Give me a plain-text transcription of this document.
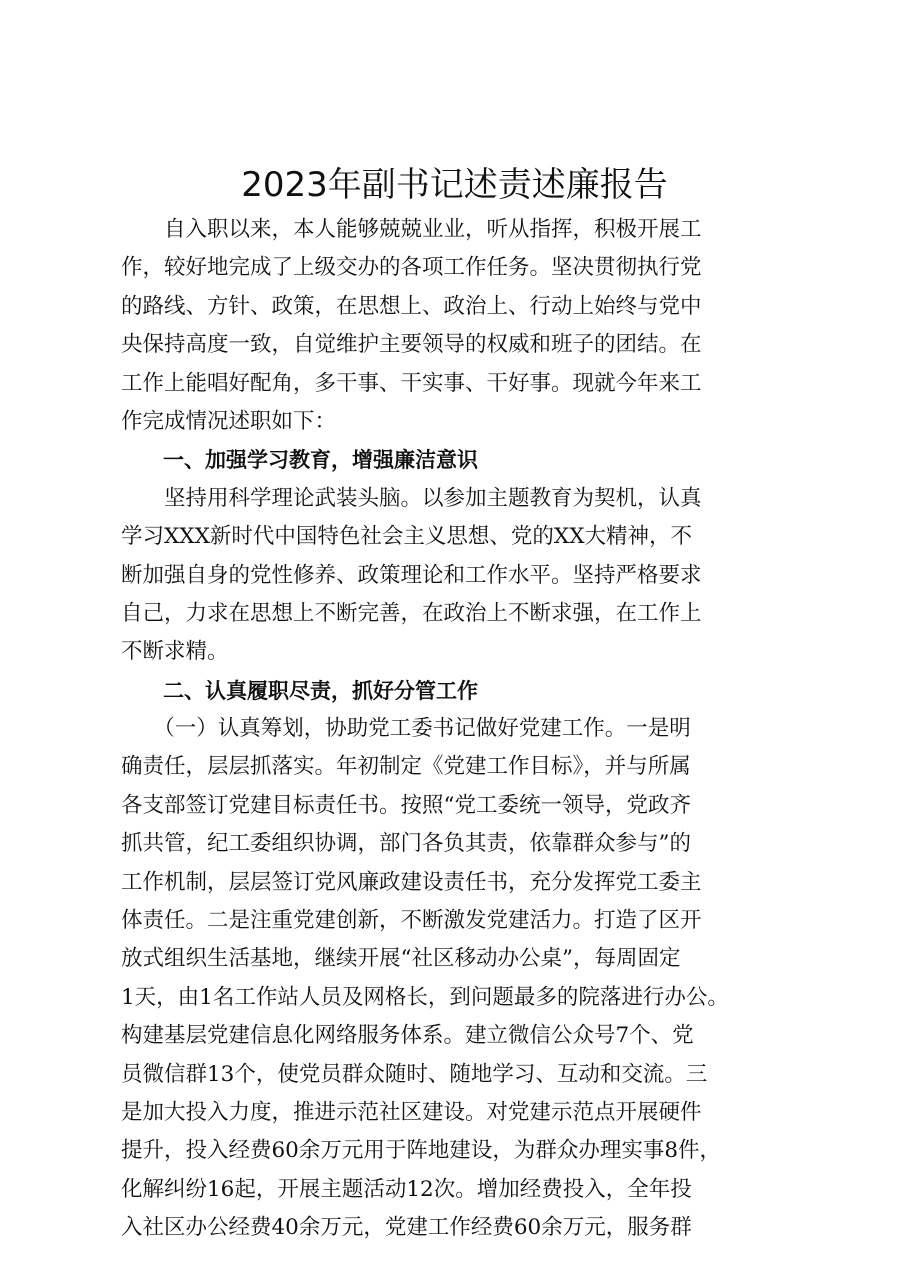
2023年副书记述责述廉报告
　　自入职以来，本人能够兢兢业业，听从指挥，积极开展工
作，较好地完成了上级交办的各项工作任务。坚决贯彻执行党
的路线、方针、政策，在思想上、政治上、行动上始终与党中
央保持高度一致，自觉维护主要领导的权威和班子的团结。在
工作上能唱好配角，多干事、干实事、干好事。现就今年来工
作完成情况述职如下：
　　一、加强学习教育，增强廉洁意识
　　坚持用科学理论武装头脑。以参加主题教育为契机，认真
学习XXX新时代中国特色社会主义思想、党的XX大精神，不
断加强自身的党性修养、政策理论和工作水平。坚持严格要求
自己，力求在思想上不断完善，在政治上不断求强，在工作上
不断求精。
　　二、认真履职尽责，抓好分管工作
　　（一）认真筹划，协助党工委书记做好党建工作。一是明
确责任，层层抓落实。年初制定《党建工作目标》，并与所属
各支部签订党建目标责任书。按照“党工委统一领导，党政齐
抓共管，纪工委组织协调，部门各负其责，依靠群众参与”的
工作机制，层层签订党风廉政建设责任书，充分发挥党工委主
体责任。二是注重党建创新，不断激发党建活力。打造了区开
放式组织生活基地，继续开展“社区移动办公桌”，每周固定
1天，由1名工作站人员及网格长，到问题最多的院落进行办公。
构建基层党建信息化网络服务体系。建立微信公众号7个、党
员微信群13个，使党员群众随时、随地学习、互动和交流。三
是加大投入力度，推进示范社区建设。对党建示范点开展硬件
提升，投入经费60余万元用于阵地建设，为群众办理实事8件，
化解纠纷16起，开展主题活动12次。增加经费投入，全年投
入社区办公经费40余万元，党建工作经费60余万元，服务群
